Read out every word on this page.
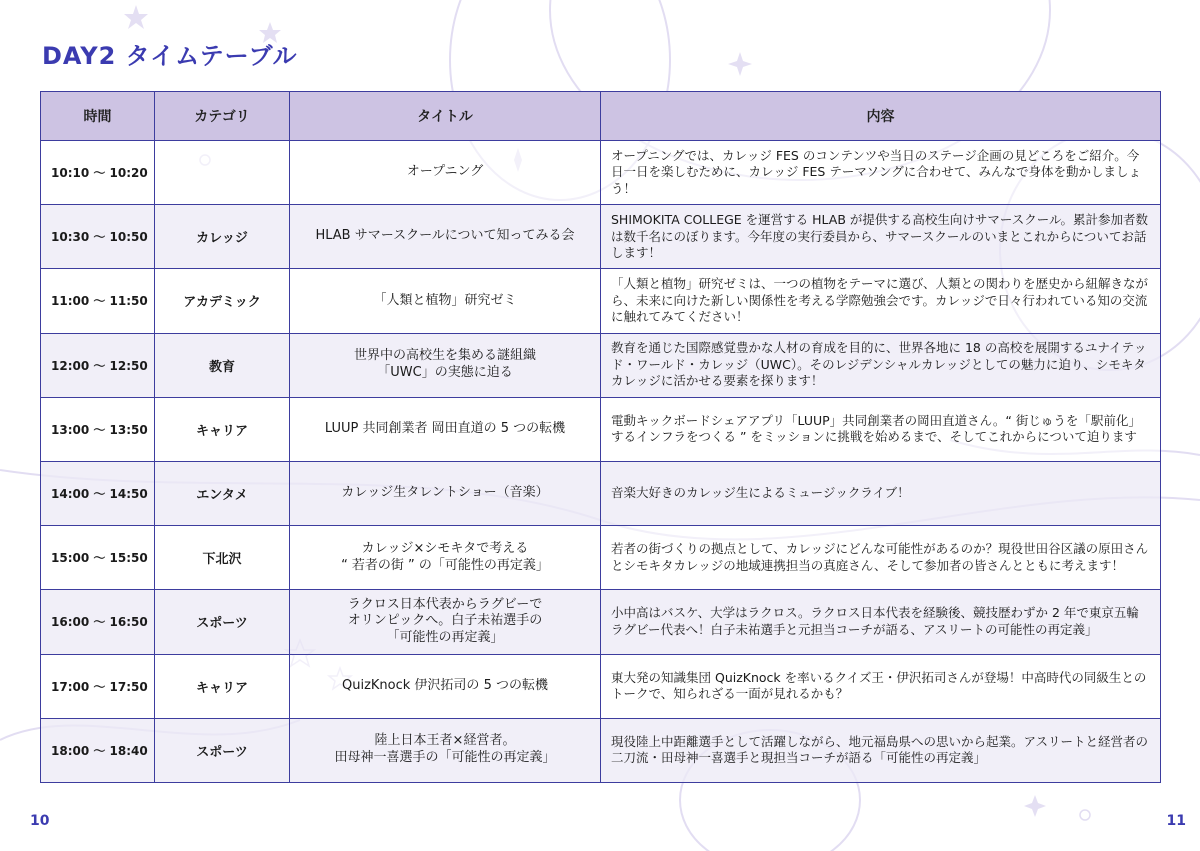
DAY2 タイムテーブル
時間	カテゴリ	タイトル	内容
10:10 ～ 10:20		オープニング	オープニングでは、カレッジ FES のコンテンツや当日のステージ企画の見どころをご紹介。今日一日を楽しむために、カレッジ FES テーマソングに合わせて、みんなで身体を動かしましょう！
10:30 ～ 10:50	カレッジ	HLAB サマースクールについて知ってみる会	SHIMOKITA COLLEGE を運営する HLAB が提供する高校生向けサマースクール。累計参加者数は数千名にのぼります。今年度の実行委員から、サマースクールのいまとこれからについてお話します！
11:00 ～ 11:50	アカデミック	「人類と植物」研究ゼミ	「人類と植物」研究ゼミは、一つの植物をテーマに選び、人類との関わりを歴史から紐解きながら、未来に向けた新しい関係性を考える学際勉強会です。カレッジで日々行われている知の交流に触れてみてください！
12:00 ～ 12:50	教育	世界中の高校生を集める謎組織
「UWC」の実態に迫る	教育を通じた国際感覚豊かな人材の育成を目的に、世界各地に 18 の高校を展開するユナイテッド・ワールド・カレッジ（UWC）。そのレジデンシャルカレッジとしての魅力に迫り、シモキタカレッジに活かせる要素を探ります！
13:00 ～ 13:50	キャリア	LUUP 共同創業者 岡田直道の 5 つの転機	電動キックボードシェアアプリ「LUUP」共同創業者の岡田直道さん。“ 街じゅうを「駅前化」するインフラをつくる ” をミッションに挑戦を始めるまで、そしてこれからについて迫ります
14:00 ～ 14:50	エンタメ	カレッジ生タレントショー（音楽）	音楽大好きのカレッジ生によるミュージックライブ！
15:00 ～ 15:50	下北沢	カレッジ×シモキタで考える
“ 若者の街 ” の「可能性の再定義」	若者の街づくりの拠点として、カレッジにどんな可能性があるのか？現役世田谷区議の原田さんとシモキタカレッジの地域連携担当の真庭さん、そして参加者の皆さんとともに考えます！
16:00 ～ 16:50	スポーツ	ラクロス日本代表からラグビーで
オリンピックへ。白子未祐選手の
「可能性の再定義」	小中高はバスケ、大学はラクロス。ラクロス日本代表を経験後、競技歴わずか 2 年で東京五輪ラグビー代表へ！白子未祐選手と元担当コーチが語る、アスリートの可能性の再定義」
17:00 ～ 17:50	キャリア	QuizKnock 伊沢拓司の 5 つの転機	東大発の知識集団 QuizKnock を率いるクイズ王・伊沢拓司さんが登場！中高時代の同級生とのトークで、知られざる一面が見れるかも？
18:00 ～ 18:40	スポーツ	陸上日本王者×経営者。
田母神一喜選手の「可能性の再定義」	現役陸上中距離選手として活躍しながら、地元福島県への思いから起業。アスリートと経営者の二刀流・田母神一喜選手と現担当コーチが語る「可能性の再定義」
10	11
